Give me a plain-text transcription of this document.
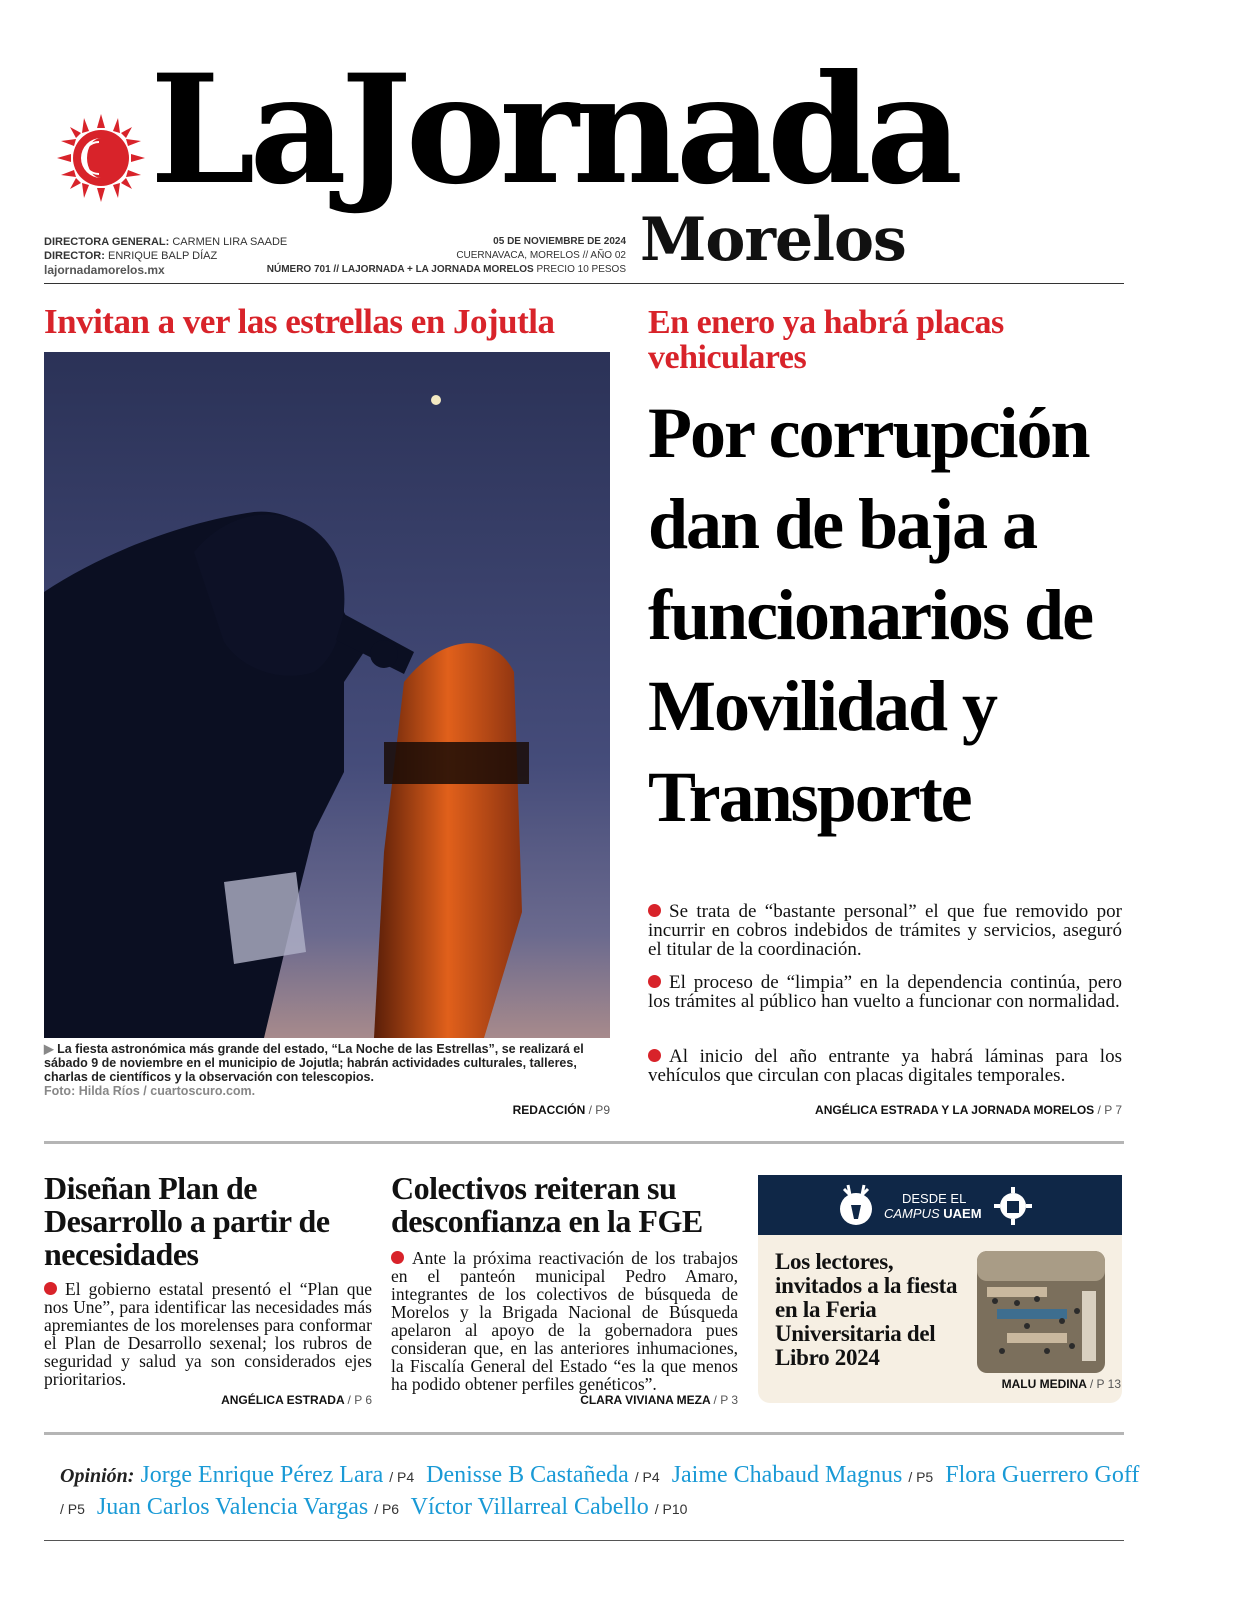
LaJornada
Morelos
DIRECTORA GENERAL: CARMEN LIRA SAADE
DIRECTOR: ENRIQUE BALP DÍAZ
lajornadamorelos.mx
05 DE NOVIEMBRE DE 2024
CUERNAVACA, MORELOS // AÑO 02
NÚMERO 701 // LAJORNADA + LA JORNADA MORELOS PRECIO 10 PESOS
Invitan a ver las estrellas en Jojutla
▶ La fiesta astronómica más grande del estado, “La Noche de las Estrellas”, se realizará el sábado 9 de noviembre en el municipio de Jojutla; habrán actividades culturales, talleres, charlas de científicos y la observación con telescopios.
Foto: Hilda Ríos / cuartoscuro.com.
REDACCIÓN / P9
En enero ya habrá placas vehiculares
Por corrupción dan de baja a funcionarios de Movilidad y Transporte
Se trata de “bastante personal” el que fue removido por incurrir en cobros indebidos de trámites y servicios, aseguró el titular de la coordinación.
El proceso de “limpia” en la dependencia continúa, pero los trámites al público han vuelto a funcionar con normalidad.
Al inicio del año entrante ya habrá láminas para los vehículos que circulan con placas digitales temporales.
ANGÉLICA ESTRADA Y LA JORNADA MORELOS / P 7
Diseñan Plan de Desarrollo a partir de necesidades
El gobierno estatal presentó el “Plan que nos Une”, para identificar las necesidades más apremiantes de los morelenses para conformar el Plan de Desarrollo sexenal; los rubros de seguridad y salud ya son considerados ejes prioritarios.
ANGÉLICA ESTRADA / P 6
Colectivos reiteran su desconfianza en la FGE
Ante la próxima reactivación de los trabajos en el panteón municipal Pedro Amaro, integrantes de los colectivos de búsqueda de Morelos y la Brigada Nacional de Búsqueda apelaron al apoyo de la gobernadora pues consideran que, en las anteriores inhumaciones, la Fiscalía General del Estado “es la que menos ha podido obtener perfiles genéticos”.
CLARA VIVIANA MEZA / P 3
DESDE EL
CAMPUS UAEM
Los lectores, invitados a la fiesta en la Feria Universitaria del Libro 2024
MALU MEDINA / P 13
Opinión: Jorge Enrique Pérez Lara / P4 Denisse B Castañeda / P4 Jaime Chabaud Magnus / P5 Flora Guerrero Goff / P5 Juan Carlos Valencia Vargas / P6 Víctor Villarreal Cabello / P10
